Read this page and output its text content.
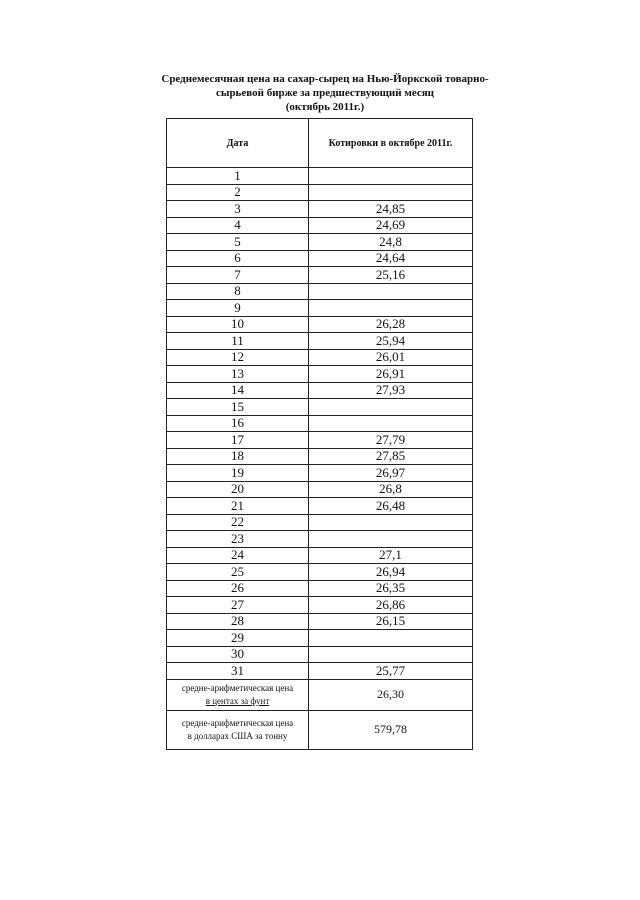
Среднемесячная цена на сахар-сырец на Нью-Йоркской товарно-
сырьевой бирже за предшествующий месяц
(октябрь 2011г.)
Дата	Котировки в октябре 2011г.
1	
2	
3	24,85
4	24,69
5	24,8
6	24,64
7	25,16
8	
9	
10	26,28
11	25,94
12	26,01
13	26,91
14	27,93
15	
16	
17	27,79
18	27,85
19	26,97
20	26,8
21	26,48
22	
23	
24	27,1
25	26,94
26	26,35
27	26,86
28	26,15
29	
30	
31	25,77

средне-арифметическая цена
в центах за фунт	26,30

средне-арифметическая цена
в долларах США за тонну	579,78
